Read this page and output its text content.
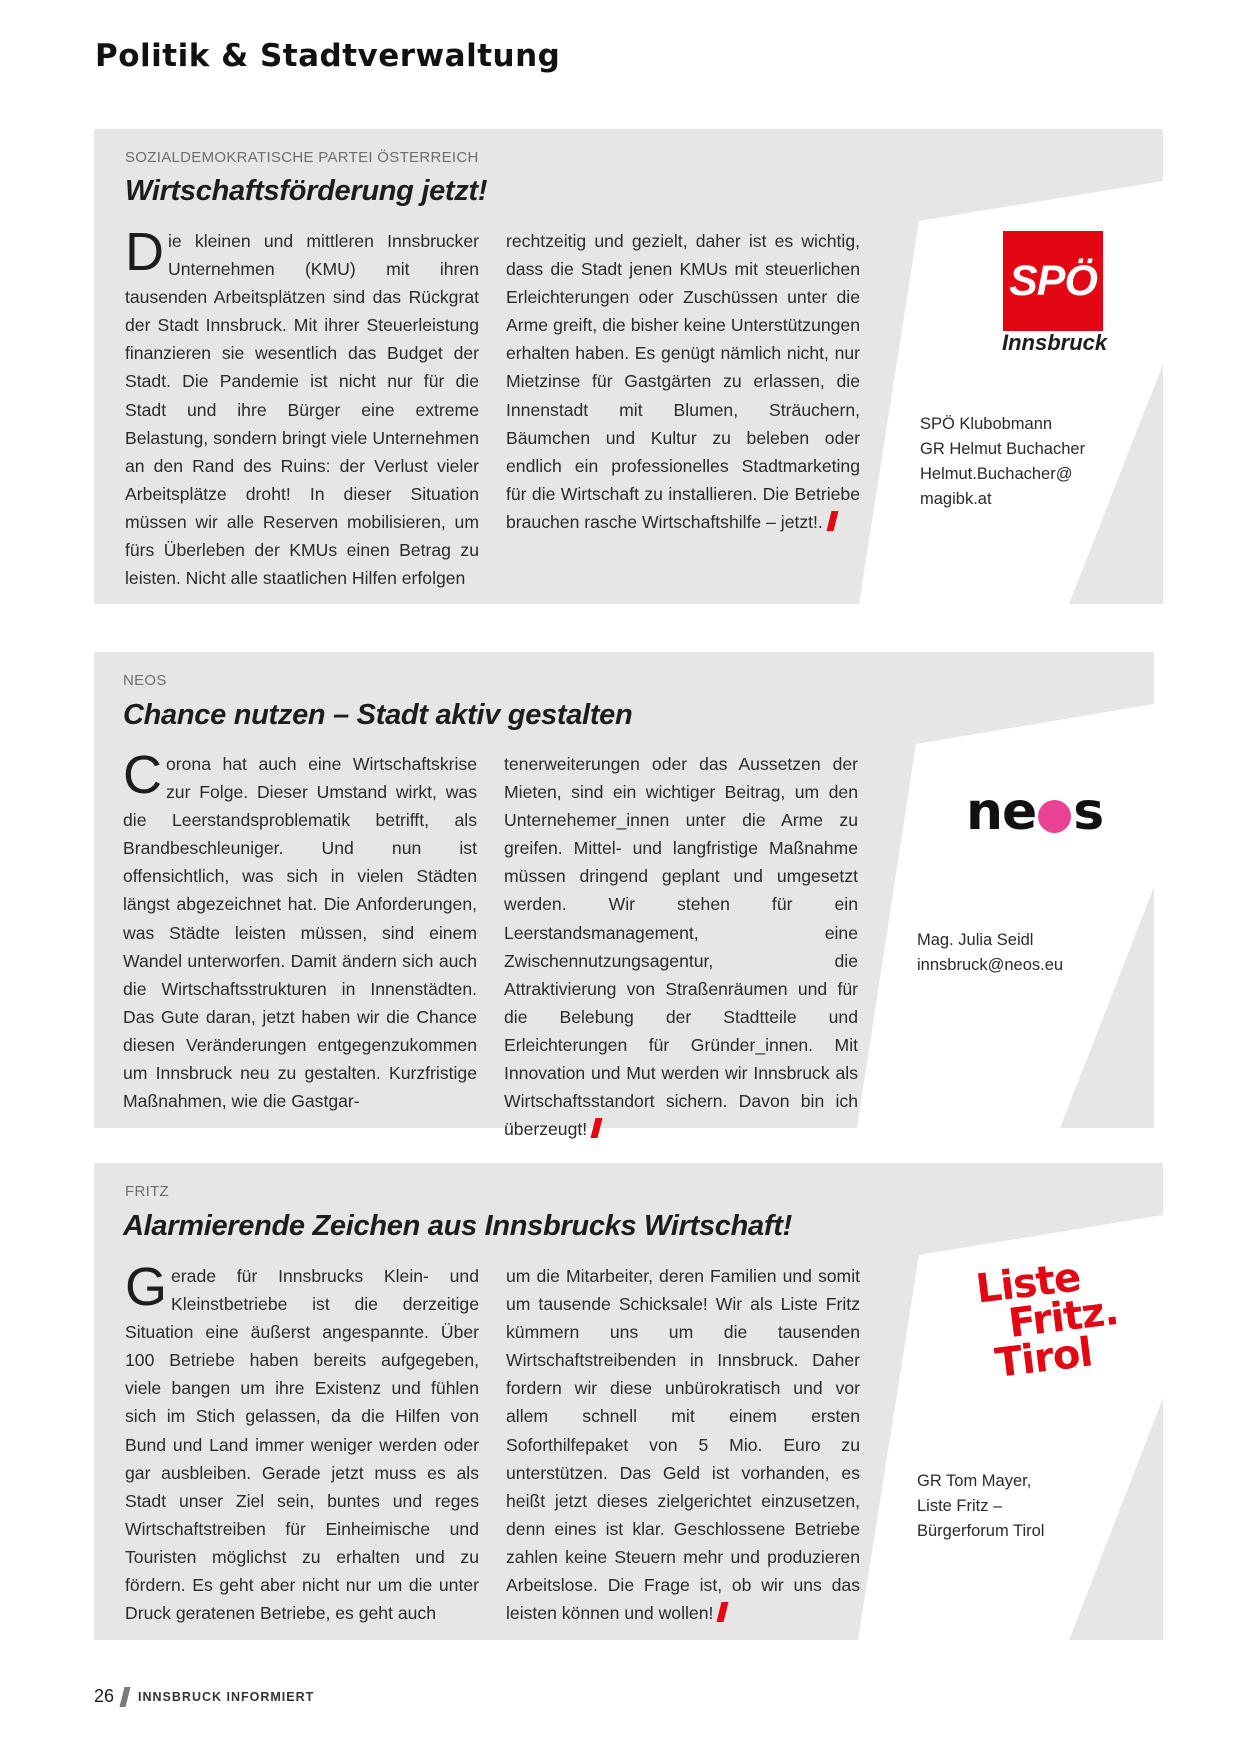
Politik & Stadtverwaltung
SOZIALDEMOKRATISCHE PARTEI ÖSTERREICH
Wirtschaftsförderung jetzt!
Die kleinen und mittleren Innsbrucker Unternehmen (KMU) mit ihren tausenden Arbeitsplätzen sind das Rückgrat der Stadt Innsbruck. Mit ihrer Steuerleistung finanzieren sie wesentlich das Budget der Stadt. Die Pandemie ist nicht nur für die Stadt und ihre Bürger eine extreme Belastung, sondern bringt viele Unternehmen an den Rand des Ruins: der Verlust vieler Arbeitsplätze droht! In dieser Situation müssen wir alle Reserven mobilisieren, um fürs Überleben der KMUs einen Betrag zu leisten. Nicht alle staatlichen Hilfen erfolgen
rechtzeitig und gezielt, daher ist es wichtig, dass die Stadt jenen KMUs mit steuerlichen Erleichterungen oder Zuschüssen unter die Arme greift, die bisher keine Unterstützungen erhalten haben. Es genügt nämlich nicht, nur Mietzinse für Gastgärten zu erlassen, die Innenstadt mit Blumen, Sträuchern, Bäumchen und Kultur zu beleben oder endlich ein professionelles Stadtmarketing für die Wirtschaft zu installieren. Die Betriebe brauchen rasche Wirtschaftshilfe – jetzt!.
SPÖ
Innsbruck
SPÖ Klubobmann
GR Helmut Buchacher
Helmut.Buchacher@
magibk.at
NEOS
Chance nutzen – Stadt aktiv gestalten
Corona hat auch eine Wirtschaftskrise zur Folge. Dieser Umstand wirkt, was die Leerstandsproblematik betrifft, als Brandbeschleuniger. Und nun ist offensichtlich, was sich in vielen Städten längst abgezeichnet hat. Die Anforderungen, was Städte leisten müssen, sind einem Wandel unterworfen. Damit ändern sich auch die Wirtschaftsstrukturen in Innenstädten. Das Gute daran, jetzt haben wir die Chance diesen Veränderungen entgegenzukommen um Innsbruck neu zu gestalten. Kurzfristige Maßnahmen, wie die Gastgar-
tenerweiterungen oder das Aussetzen der Mieten, sind ein wichtiger Beitrag, um den Unternehemer_innen unter die Arme zu greifen. Mittel- und langfristige Maßnahme müssen dringend geplant und umgesetzt werden. Wir stehen für ein Leerstandsmanagement, eine Zwischennutzungsagentur, die Attraktivierung von Straßenräumen und für die Belebung der Stadtteile und Erleichterungen für Gründer_innen. Mit Innovation und Mut werden wir Innsbruck als Wirtschaftsstandort sichern. Davon bin ich überzeugt!
ne s
Mag. Julia Seidl
innsbruck@neos.eu
FRITZ
Alarmierende Zeichen aus Innsbrucks Wirtschaft!
Gerade für Innsbrucks Klein- und Kleinstbetriebe ist die derzeitige Situation eine äußerst angespannte. Über 100 Betriebe haben bereits aufgegeben, viele bangen um ihre Existenz und fühlen sich im Stich gelassen, da die Hilfen von Bund und Land immer weniger werden oder gar ausbleiben. Gerade jetzt muss es als Stadt unser Ziel sein, buntes und reges Wirtschaftstreiben für Einheimische und Touristen möglichst zu erhalten und zu fördern. Es geht aber nicht nur um die unter Druck geratenen Betriebe, es geht auch
um die Mitarbeiter, deren Familien und somit um tausende Schicksale! Wir als Liste Fritz kümmern uns um die tausenden Wirtschaftstreibenden in Innsbruck. Daher fordern wir diese unbürokratisch und vor allem schnell mit einem ersten Soforthilfepaket von 5 Mio. Euro zu unterstützen. Das Geld ist vorhanden, es heißt jetzt dieses zielgerichtet einzusetzen, denn eines ist klar. Geschlossene Betriebe zahlen keine Steuern mehr und produzieren Arbeitslose. Die Frage ist, ob wir uns das leisten können und wollen!
Liste
Fritz.
Tirol
GR Tom Mayer,
Liste Fritz –
Bürgerforum Tirol
26 INNSBRUCK INFORMIERT
